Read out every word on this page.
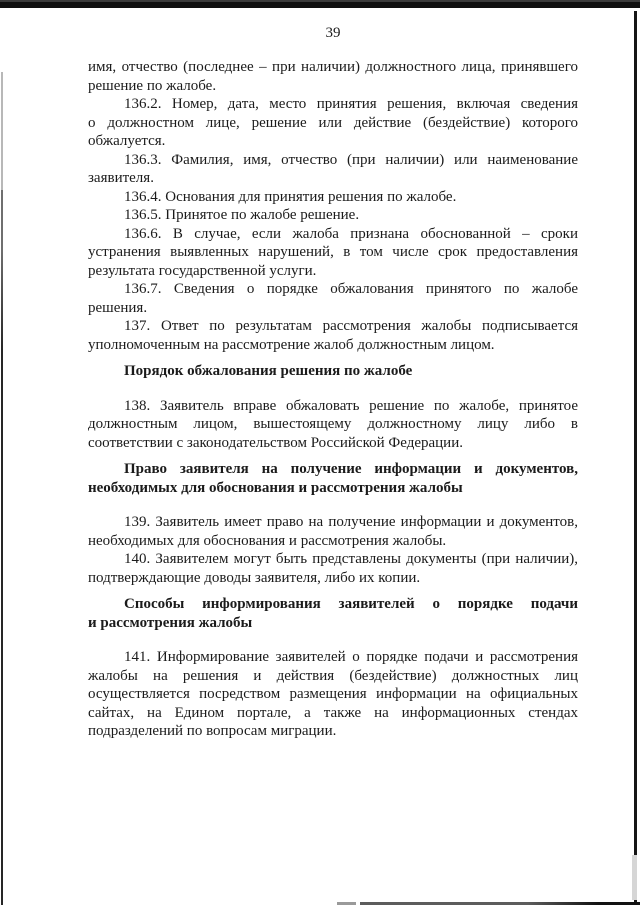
39
имя, отчество (последнее – при наличии) должностного лица, принявшего
решение по жалобе.
136.2. Номер, дата, место принятия решения, включая сведения
о должностном лице, решение или действие (бездействие) которого
обжалуется.
136.3. Фамилия, имя, отчество (при наличии) или наименование
заявителя.
136.4. Основания для принятия решения по жалобе.
136.5. Принятое по жалобе решение.
136.6. В случае, если жалоба признана обоснованной – сроки
устранения выявленных нарушений, в том числе срок предоставления
результата государственной услуги.
136.7. Сведения о порядке обжалования принятого по жалобе
решения.
137. Ответ по результатам рассмотрения жалобы подписывается
уполномоченным на рассмотрение жалоб должностным лицом.
Порядок обжалования решения по жалобе
138. Заявитель вправе обжаловать решение по жалобе, принятое
должностным лицом, вышестоящему должностному лицу либо в
соответствии с законодательством Российской Федерации.
Право заявителя на получение информации и документов,
необходимых для обоснования и рассмотрения жалобы
139. Заявитель имеет право на получение информации и документов,
необходимых для обоснования и рассмотрения жалобы.
140. Заявителем могут быть представлены документы (при наличии),
подтверждающие доводы заявителя, либо их копии.
Способы информирования заявителей о порядке подачи
и рассмотрения жалобы
141. Информирование заявителей о порядке подачи и рассмотрения
жалобы на решения и действия (бездействие) должностных лиц
осуществляется посредством размещения информации на официальных
сайтах, на Едином портале, а также на информационных стендах
подразделений по вопросам миграции.
